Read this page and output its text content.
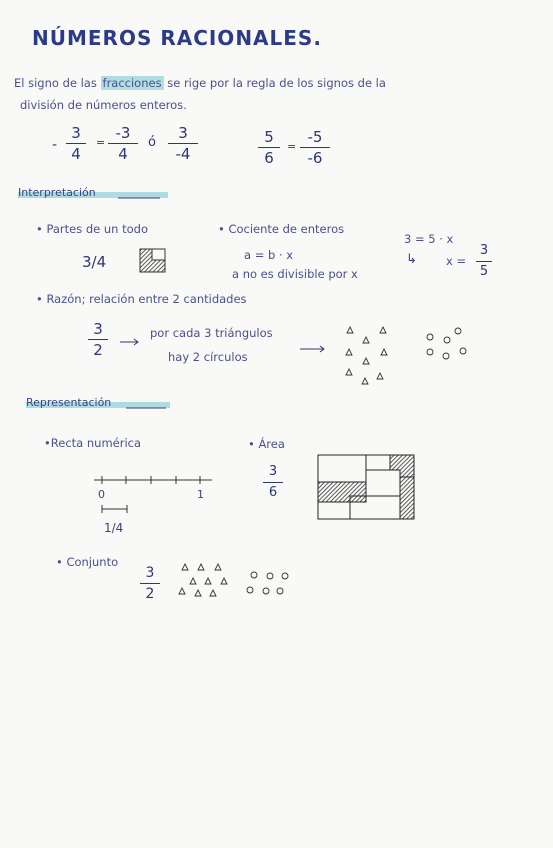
NÚMEROS RACIONALES.
El signo de las fracciones se rige por la regla de los signos de la
división de números enteros.
-
3
4
=
-3
4
ó
3
-4
5
6
=
-5
-6
Interpretación
• Partes de un todo
3/4
• Cociente de enteros
a = b · x
a no es divisible por x
3 = 5 · x
↳	x =
3
5
• Razón; relación entre 2 cantidades
3
2
por cada 3 triángulos
hay 2 círculos
Representación
•Recta numérica
0	1
1/4
• Área
3
6
• Conjunto
3
2
